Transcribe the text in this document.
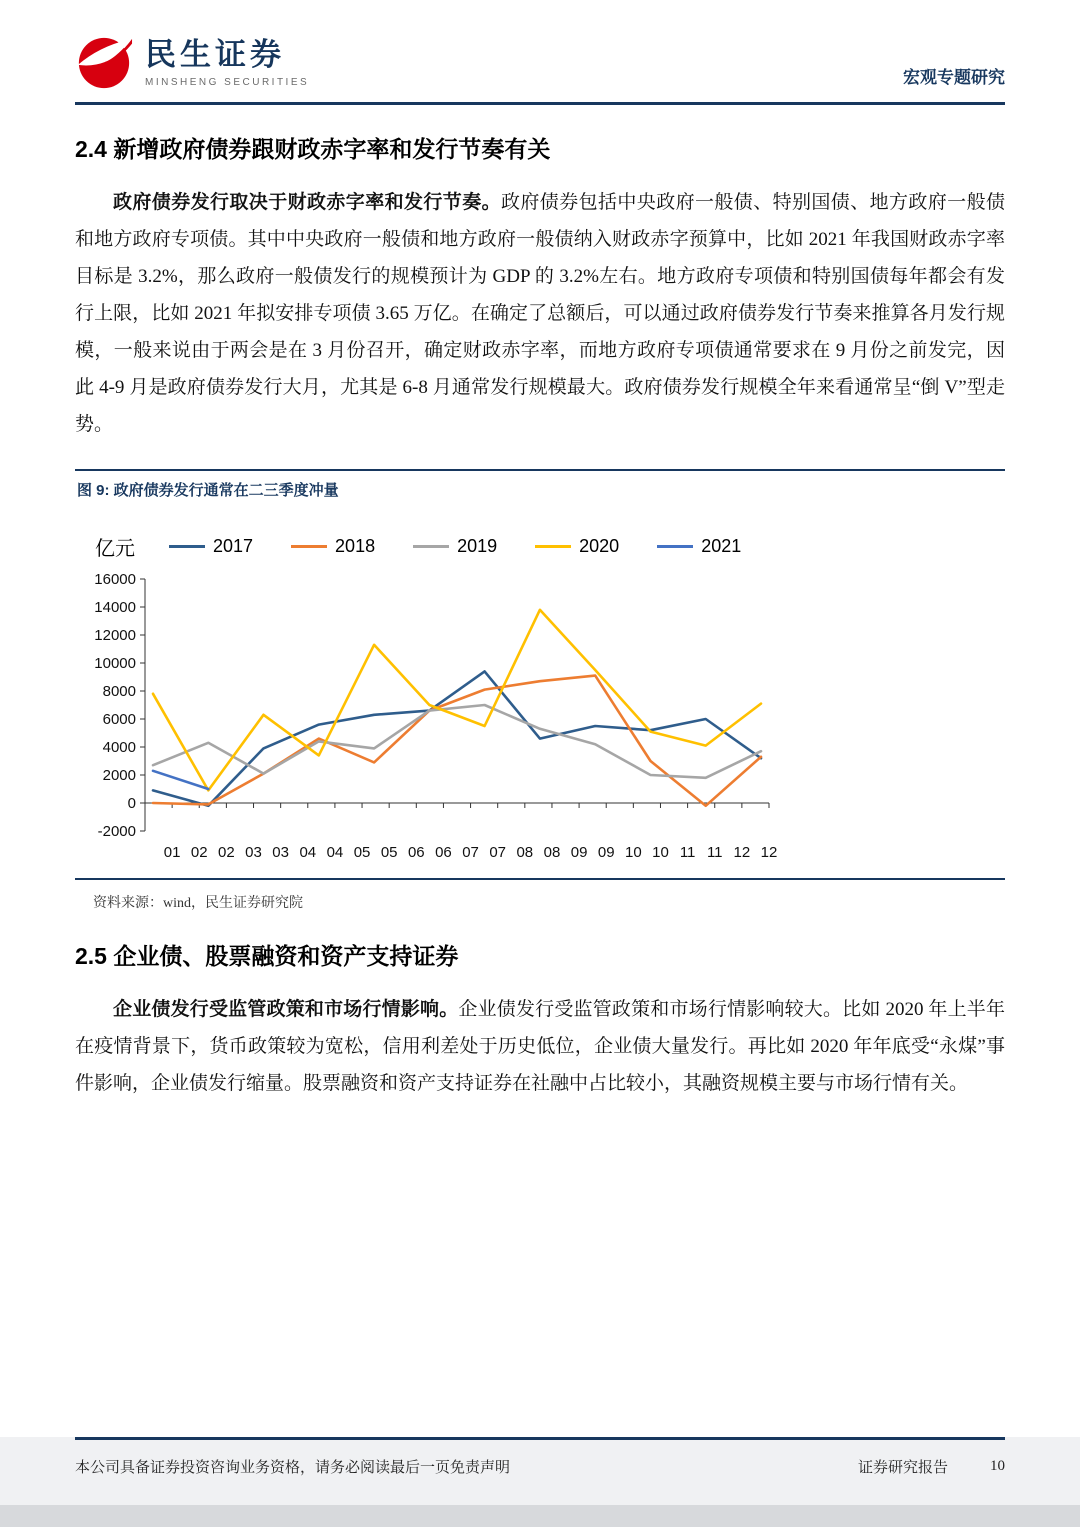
民生证券
MINSHENG SECURITIES	宏观专题研究
2.4 新增政府债券跟财政赤字率和发行节奏有关

政府债券发行取决于财政赤字率和发行节奏。政府债券包括中央政府一般债、特别国债、地方政府一般债和地方政府专项债。其中中央政府一般债和地方政府一般债纳入财政赤字预算中，比如 2021 年我国财政赤字率目标是 3.2%，那么政府一般债发行的规模预计为 GDP 的 3.2%左右。地方政府专项债和特别国债每年都会有发行上限，比如 2021 年拟安排专项债 3.65 万亿。在确定了总额后，可以通过政府债券发行节奏来推算各月发行规模，一般来说由于两会是在 3 月份召开，确定财政赤字率，而地方政府专项债通常要求在 9 月份之前发完，因此 4-9 月是政府债券发行大月，尤其是 6-8 月通常发行规模最大。政府债券发行规模全年来看通常呈“倒 V”型走势。

图 9: 政府债券发行通常在二三季度冲量
亿元	2017	2018	2019	2020	2021
16000
14000
12000
10000
8000
6000
4000
2000
0
-2000
01 02 02 03 03 04 04 05 05 06 06 07 07 08 08 09 09 10 10 11 11 12 12
资料来源：wind，民生证券研究院
2.5 企业债、股票融资和资产支持证券

企业债发行受监管政策和市场行情影响。企业债发行受监管政策和市场行情影响较大。比如 2020 年上半年在疫情背景下，货币政策较为宽松，信用利差处于历史低位，企业债大量发行。再比如 2020 年年底受“永煤”事件影响，企业债发行缩量。股票融资和资产支持证券在社融中占比较小，其融资规模主要与市场行情有关。

本公司具备证券投资咨询业务资格，请务必阅读最后一页免责声明	证券研究报告	10
